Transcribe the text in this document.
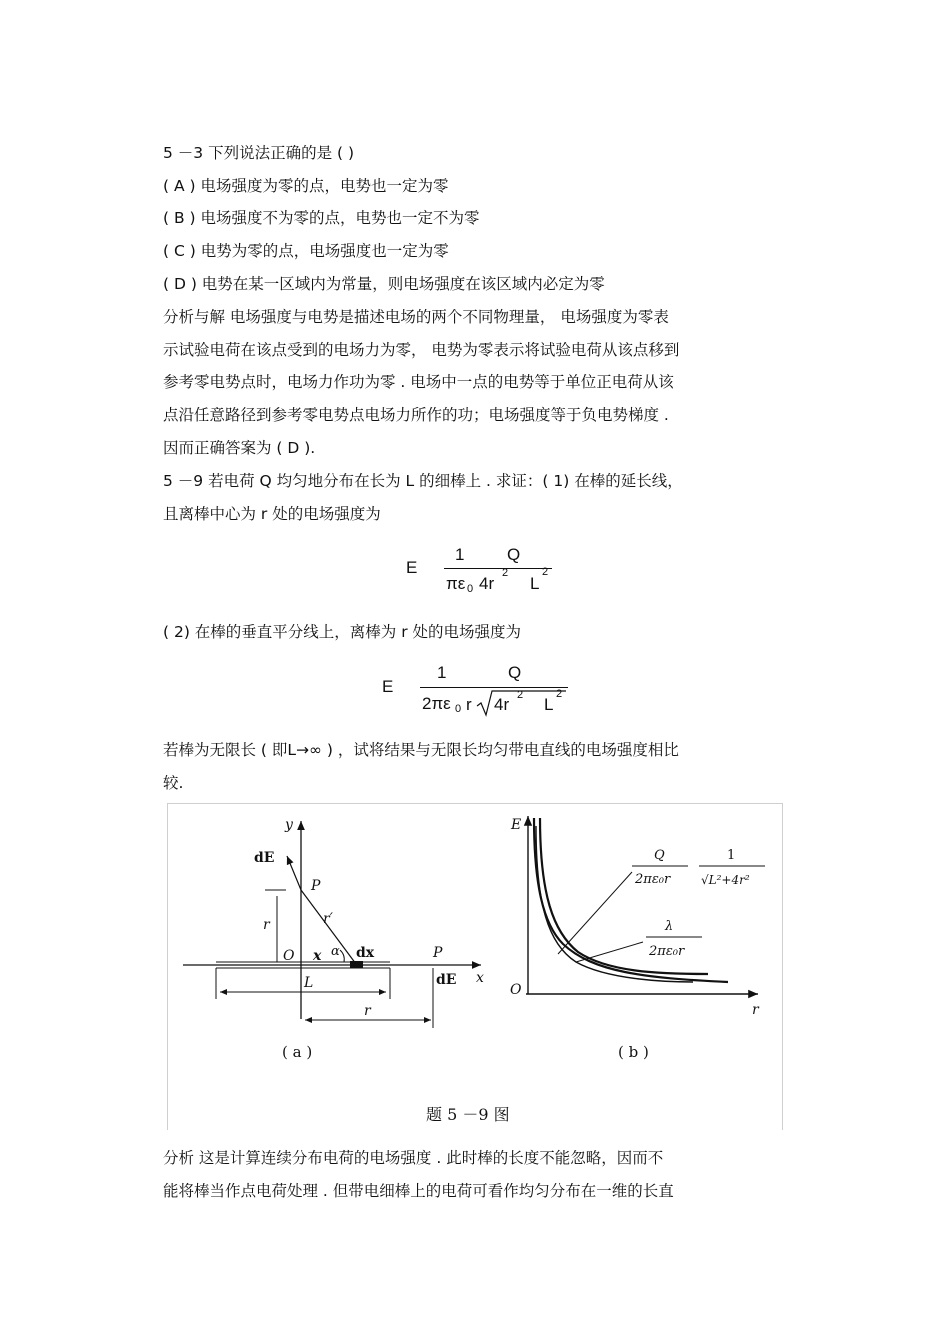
5 －3 下列说法正确的是 ( )
( A ) 电场强度为零的点，电势也一定为零
( B ) 电场强度不为零的点，电势也一定不为零
( C ) 电势为零的点，电场强度也一定为零
( D ) 电势在某一区域内为常量，则电场强度在该区域内必定为零
分析与解 电场强度与电势是描述电场的两个不同物理量， 电场强度为零表
示试验电荷在该点受到的电场力为零， 电势为零表示将试验电荷从该点移到
参考零电势点时，电场力作功为零 . 电场中一点的电势等于单位正电荷从该
点沿任意路径到参考零电势点电场力所作的功；电场强度等于负电势梯度 .
因而正确答案为 ( D ).
5 －9 若电荷 Q 均匀地分布在长为 L 的细棒上 . 求证：( 1) 在棒的延长线，
且离棒中心为 r 处的电场强度为
E
1
πε 0
Q
4r
2
L
2
( 2) 在棒的垂直平分线上，离棒为 r 处的电场强度为
E
1
2πε 0
Q
r 4r 2 L
2
若棒为无限长 ( 即L→∞ ) ，试将结果与无限长均匀带电直线的电场强度相比
较.
y
dE
P
r′
r
O x α dx	P
dE x
L
r
( a )
E
O
r
Q
2πε₀r
1
√L²+4r²
λ
2πε₀r
( b )
题 5 －9 图
分析 这是计算连续分布电荷的电场强度 . 此时棒的长度不能忽略，因而不
能将棒当作点电荷处理 . 但带电细棒上的电荷可看作均匀分布在一维的长直
